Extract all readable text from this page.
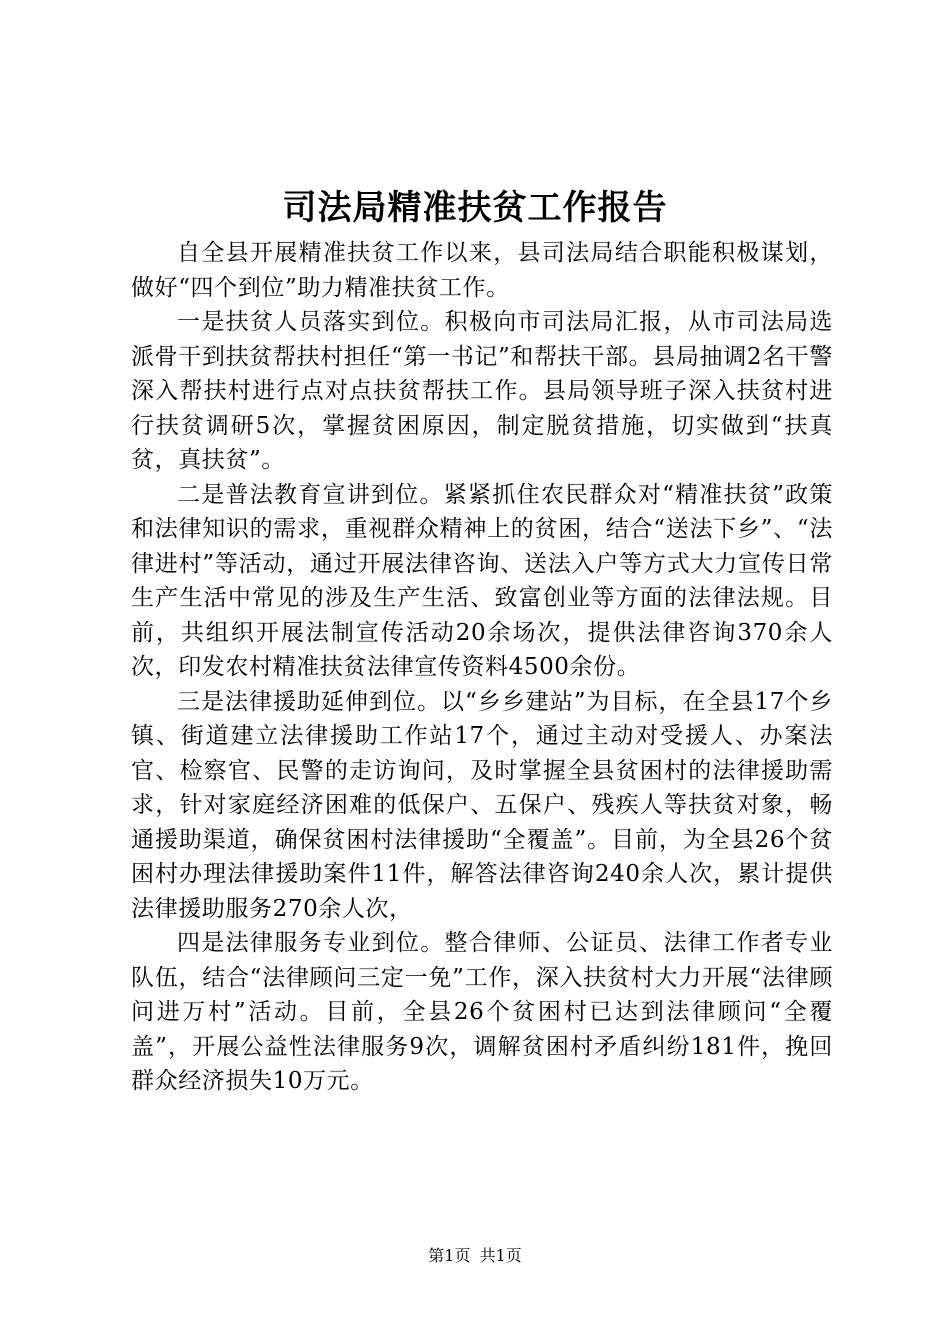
司法局精准扶贫工作报告

自全县开展精准扶贫工作以来，县司法局结合职能积极谋划，做好“四个到位”助力精准扶贫工作。

一是扶贫人员落实到位。积极向市司法局汇报，从市司法局选派骨干到扶贫帮扶村担任“第一书记”和帮扶干部。县局抽调2名干警深入帮扶村进行点对点扶贫帮扶工作。县局领导班子深入扶贫村进行扶贫调研5次，掌握贫困原因，制定脱贫措施，切实做到“扶真贫，真扶贫”。

二是普法教育宣讲到位。紧紧抓住农民群众对“精准扶贫”政策和法律知识的需求，重视群众精神上的贫困，结合“送法下乡”、“法律进村”等活动，通过开展法律咨询、送法入户等方式大力宣传日常生产生活中常见的涉及生产生活、致富创业等方面的法律法规。目前，共组织开展法制宣传活动20余场次，提供法律咨询370余人次，印发农村精准扶贫法律宣传资料4500余份。

三是法律援助延伸到位。以“乡乡建站”为目标，在全县17个乡镇、街道建立法律援助工作站17个，通过主动对受援人、办案法官、检察官、民警的走访询问，及时掌握全县贫困村的法律援助需求，针对家庭经济困难的低保户、五保户、残疾人等扶贫对象，畅通援助渠道，确保贫困村法律援助“全覆盖”。目前，为全县26个贫困村办理法律援助案件11件，解答法律咨询240余人次，累计提供法律援助服务270余人次，

四是法律服务专业到位。整合律师、公证员、法律工作者专业队伍，结合“法律顾问三定一免”工作，深入扶贫村大力开展“法律顾问进万村”活动。目前，全县26个贫困村已达到法律顾问“全覆盖”，开展公益性法律服务9次，调解贫困村矛盾纠纷181件，挽回群众经济损失10万元。

第1页 共1页
